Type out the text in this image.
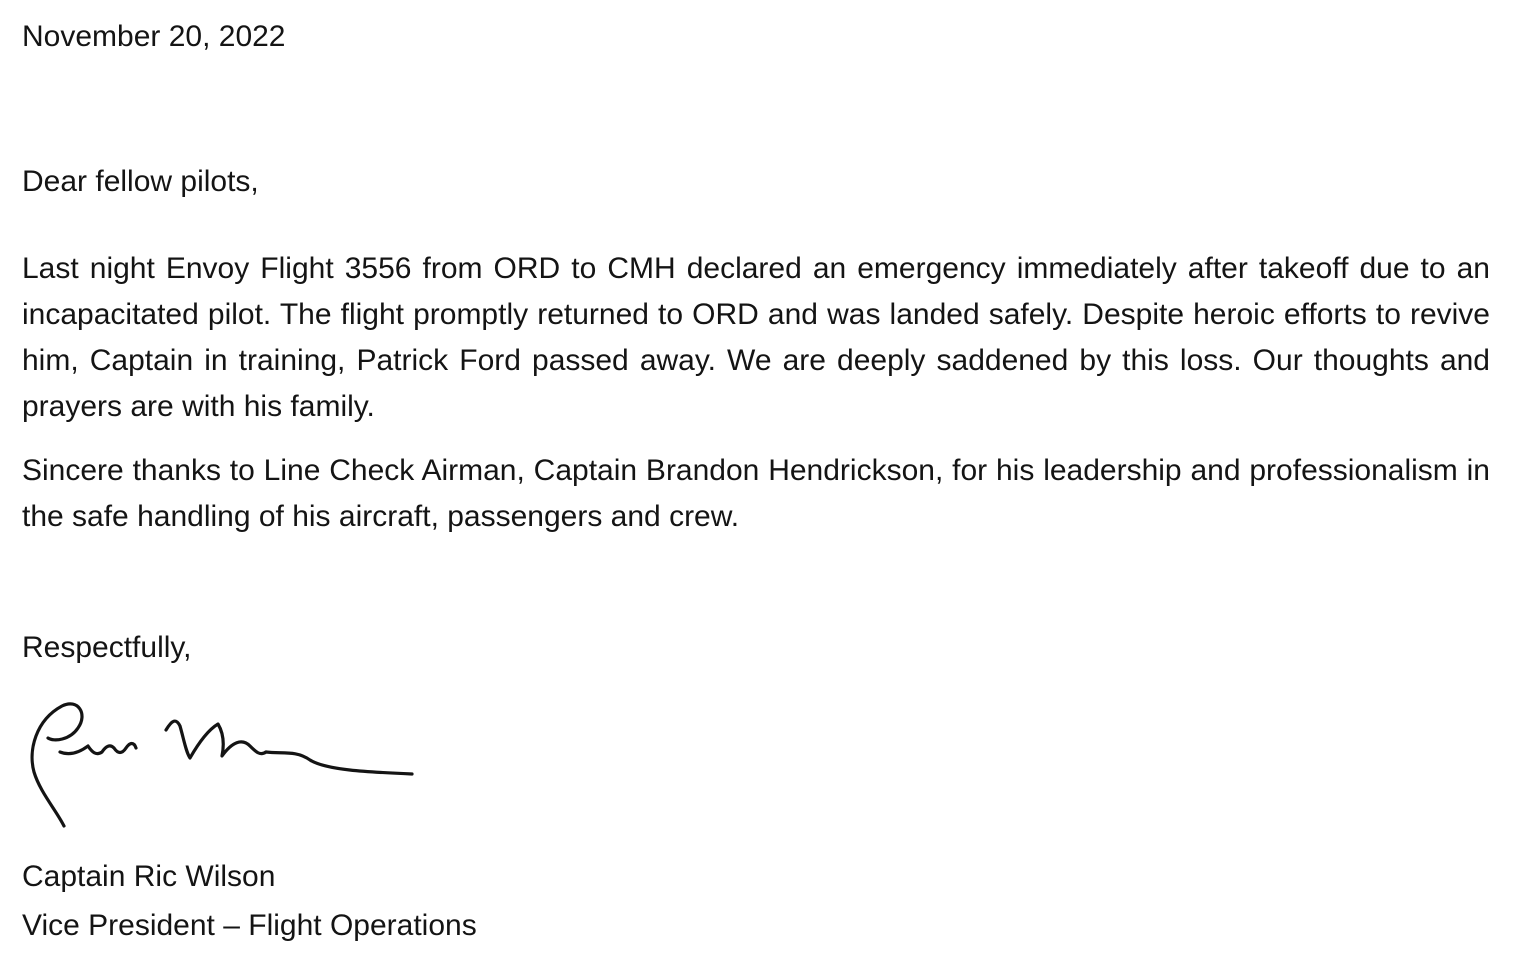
November 20, 2022
Dear fellow pilots,

Last night Envoy Flight 3556 from ORD to CMH declared an emergency immediately after takeoff due to an incapacitated pilot. The flight promptly returned to ORD and was landed safely. Despite heroic efforts to revive him, Captain in training, Patrick Ford passed away. We are deeply saddened by this loss. Our thoughts and prayers are with his family.

Sincere thanks to Line Check Airman, Captain Brandon Hendrickson, for his leadership and professionalism in the safe handling of his aircraft, passengers and crew.

Respectfully,
Captain Ric Wilson
Vice President – Flight Operations
